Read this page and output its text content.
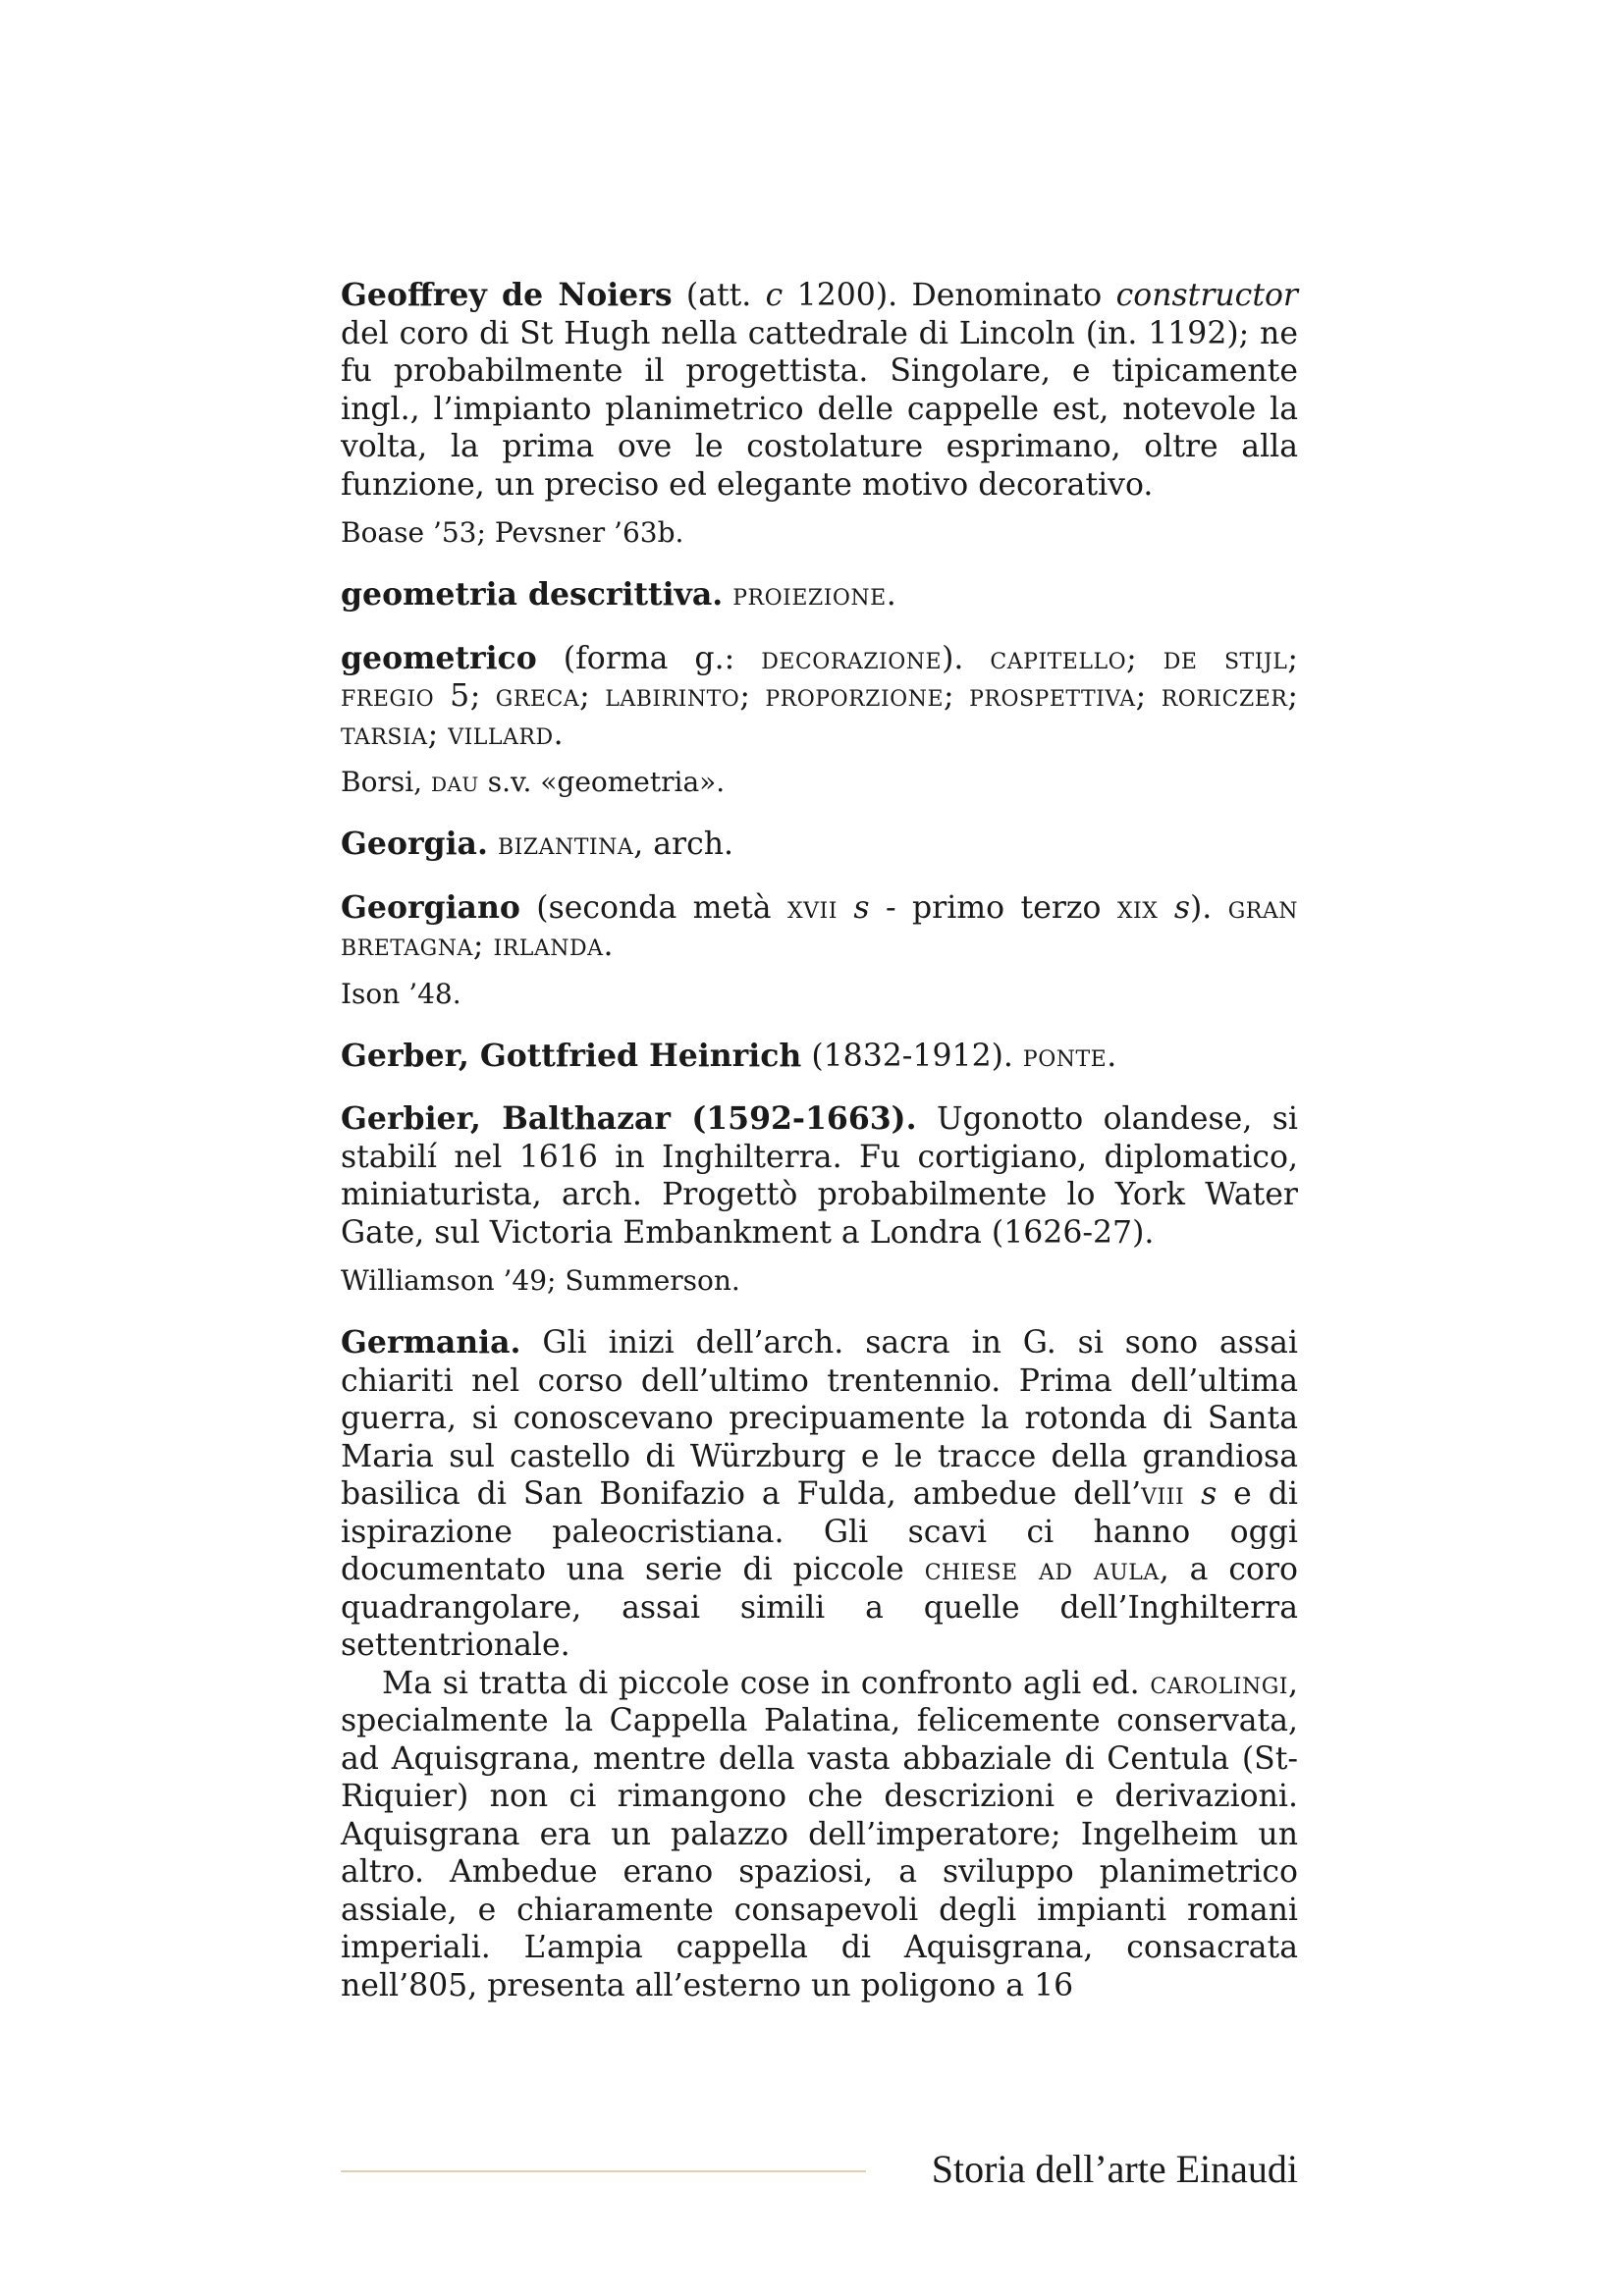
Geoffrey de Noiers (att. c 1200). Denominato constructor del coro di St Hugh nella cattedrale di Lincoln (in. 1192); ne fu probabilmente il progettista. Singolare, e tipicamente ingl., l’impianto planimetrico delle cappelle est, notevole la volta, la prima ove le costolature esprimano, oltre alla funzione, un preciso ed elegante motivo decorativo.

Boase ’53; Pevsner ’63b.

geometria descrittiva. proiezione.

geometrico (forma g.: decorazione). capitello; de stijl; fregio 5; greca; labirinto; proporzione; prospettiva; roriczer; tarsia; villard.

Borsi, dau s.v. «geometria».

Georgia. bizantina, arch.

Georgiano (seconda metà xvii s - primo terzo xix s). gran bretagna; irlanda.

Ison ’48.

Gerber, Gottfried Heinrich (1832-1912). ponte.

Gerbier, Balthazar (1592-1663). Ugonotto olandese, si stabilí nel 1616 in Inghilterra. Fu cortigiano, diplomatico, miniaturista, arch. Progettò probabilmente lo York Water Gate, sul Victoria Embankment a Londra (1626-27).

Williamson ’49; Summerson.

Germania. Gli inizi dell’arch. sacra in G. si sono assai chiariti nel corso dell’ultimo trentennio. Prima dell’ultima guerra, si conoscevano precipuamente la rotonda di Santa Maria sul castello di Würzburg e le tracce della grandiosa basilica di San Bonifazio a Fulda, ambedue dell’viii s e di ispirazione paleocristiana. Gli scavi ci hanno oggi documentato una serie di piccole chiese ad aula, a coro quadrangolare, assai simili a quelle dell’Inghilterra settentrionale.

Ma si tratta di piccole cose in confronto agli ed. carolingi, specialmente la Cappella Palatina, felicemente conservata, ad Aquisgrana, mentre della vasta abbaziale di Centula (St-Riquier) non ci rimangono che descrizioni e derivazioni. Aquisgrana era un palazzo dell’imperatore; Ingelheim un altro. Ambedue erano spaziosi, a sviluppo planimetrico assiale, e chiaramente consapevoli degli impianti romani imperiali. L’ampia cappella di Aquisgrana, consacrata nell’805, presenta all’esterno un poligono a 16

Storia dell’arte Einaudi
